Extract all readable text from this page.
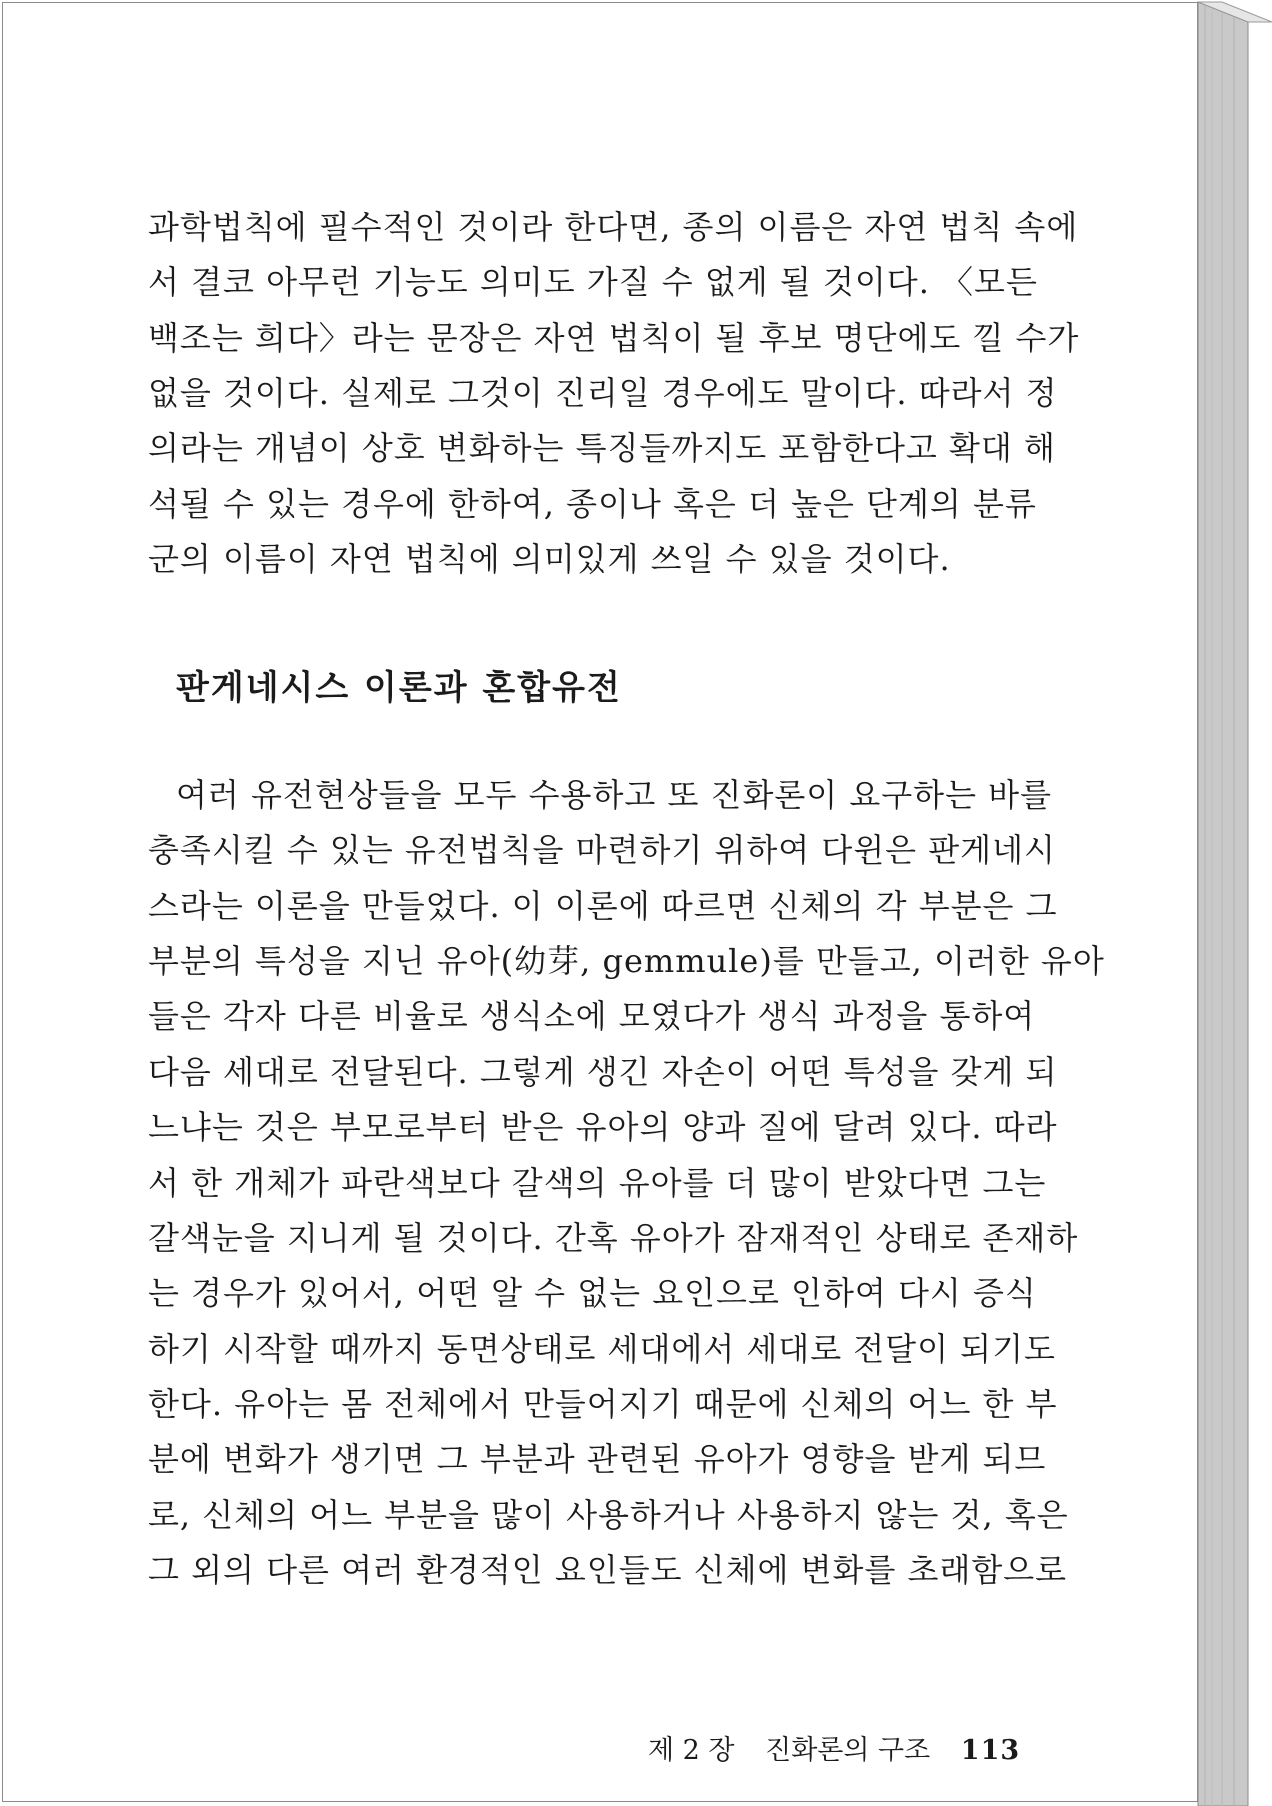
과학법칙에 필수적인 것이라 한다면, 종의 이름은 자연 법칙 속에
서 결코 아무런 기능도 의미도 가질 수 없게 될 것이다. 〈모든
백조는 희다〉라는 문장은 자연 법칙이 될 후보 명단에도 낄 수가
없을 것이다. 실제로 그것이 진리일 경우에도 말이다. 따라서 정
의라는 개념이 상호 변화하는 특징들까지도 포함한다고 확대 해
석될 수 있는 경우에 한하여, 종이나 혹은 더 높은 단계의 분류
군의 이름이 자연 법칙에 의미있게 쓰일 수 있을 것이다.

판게네시스 이론과 혼합유전

여러 유전현상들을 모두 수용하고 또 진화론이 요구하는 바를
충족시킬 수 있는 유전법칙을 마련하기 위하여 다윈은 판게네시
스라는 이론을 만들었다. 이 이론에 따르면 신체의 각 부분은 그
부분의 특성을 지닌 유아(幼芽, gemmule)를 만들고, 이러한 유아
들은 각자 다른 비율로 생식소에 모였다가 생식 과정을 통하여
다음 세대로 전달된다. 그렇게 생긴 자손이 어떤 특성을 갖게 되
느냐는 것은 부모로부터 받은 유아의 양과 질에 달려 있다. 따라
서 한 개체가 파란색보다 갈색의 유아를 더 많이 받았다면 그는
갈색눈을 지니게 될 것이다. 간혹 유아가 잠재적인 상태로 존재하
는 경우가 있어서, 어떤 알 수 없는 요인으로 인하여 다시 증식
하기 시작할 때까지 동면상태로 세대에서 세대로 전달이 되기도
한다. 유아는 몸 전체에서 만들어지기 때문에 신체의 어느 한 부
분에 변화가 생기면 그 부분과 관련된 유아가 영향을 받게 되므
로, 신체의 어느 부분을 많이 사용하거나 사용하지 않는 것, 혹은
그 외의 다른 여러 환경적인 요인들도 신체에 변화를 초래함으로

제 2 장 진화론의 구조 113
